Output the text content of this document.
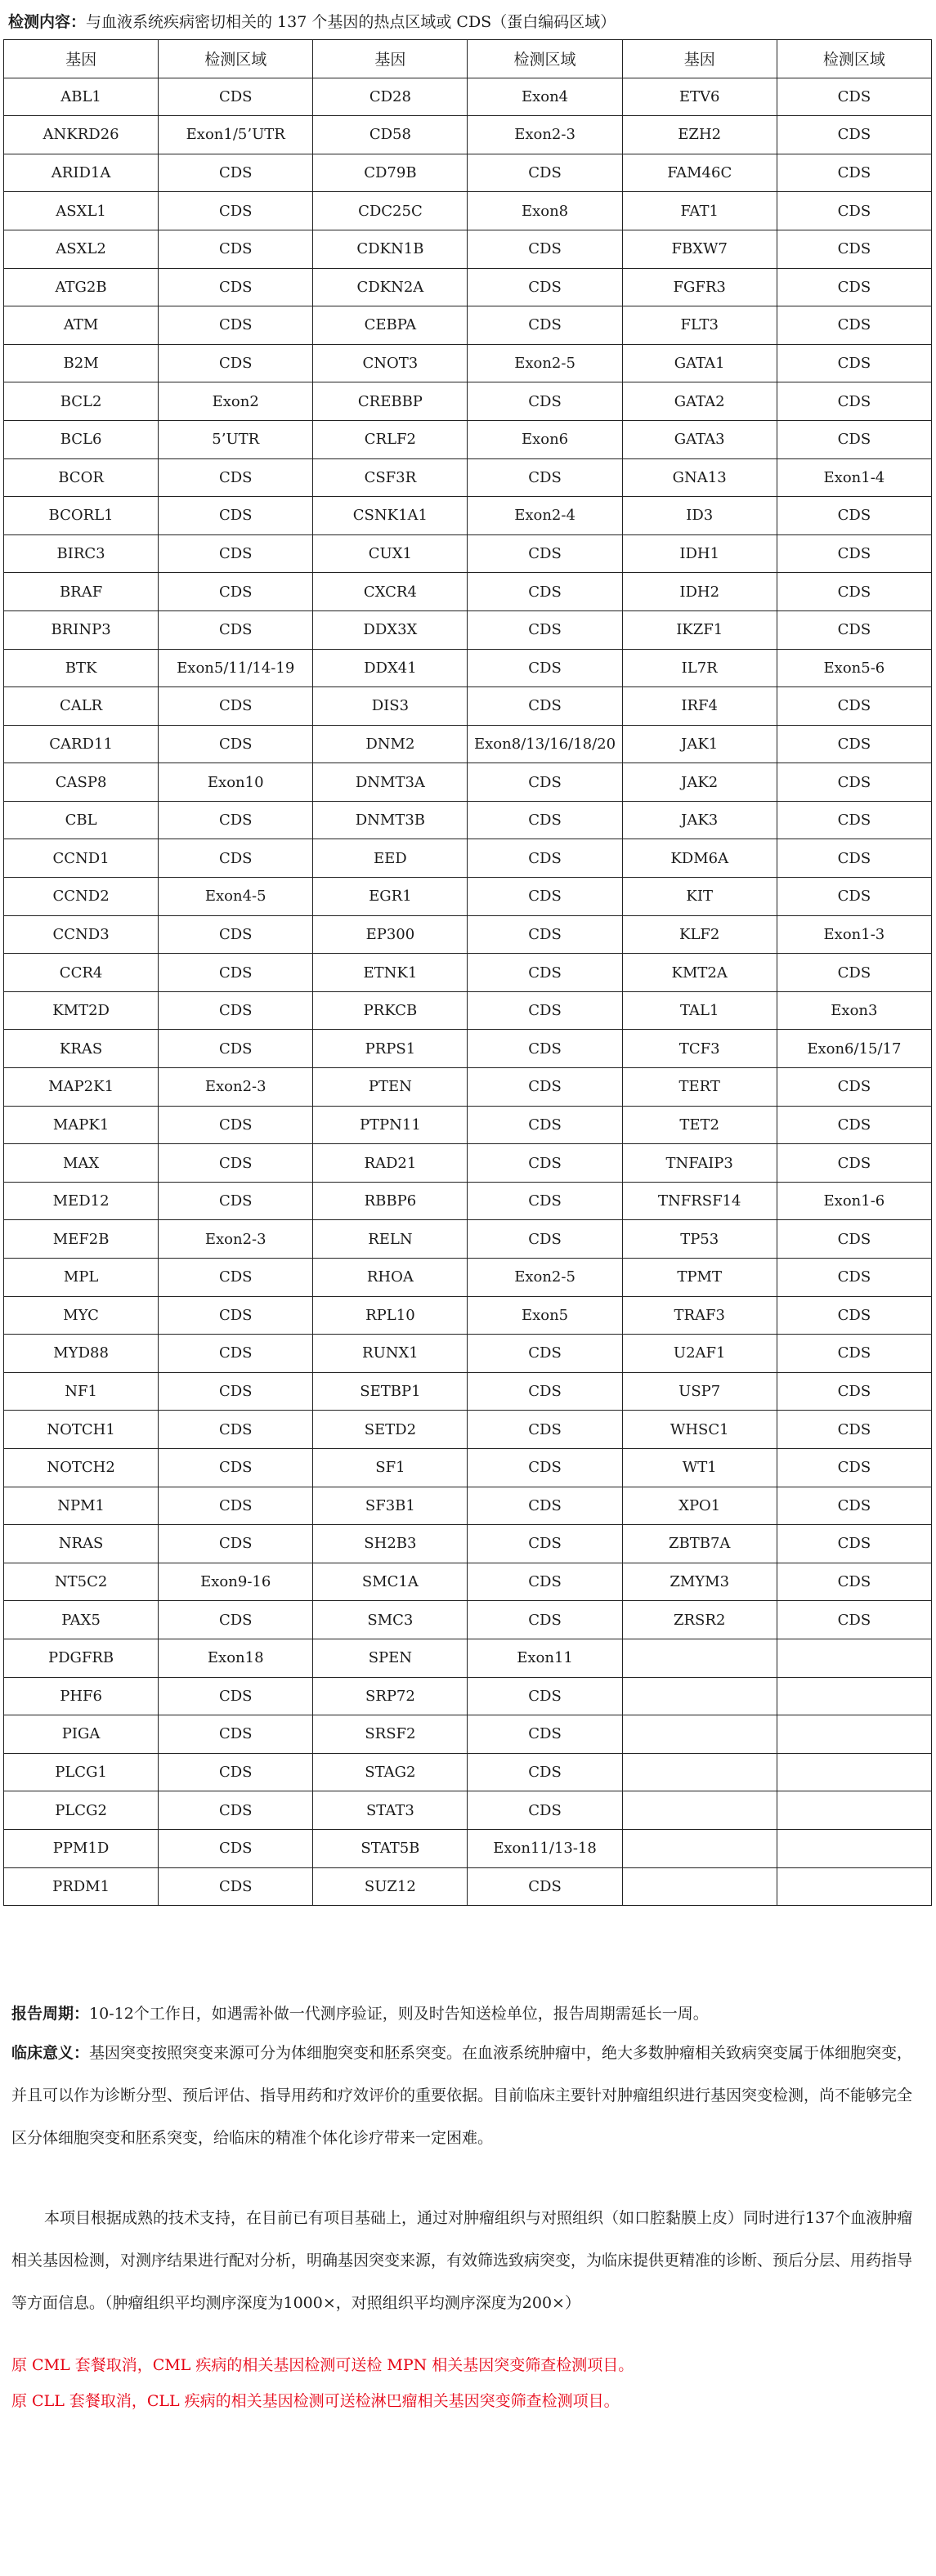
检测内容：与血液系统疾病密切相关的 137 个基因的热点区域或 CDS（蛋白编码区域）
基因	检测区域	基因	检测区域	基因	检测区域
ABL1	CDS	CD28	Exon4	ETV6	CDS
ANKRD26	Exon1/5’UTR	CD58	Exon2-3	EZH2	CDS
ARID1A	CDS	CD79B	CDS	FAM46C	CDS
ASXL1	CDS	CDC25C	Exon8	FAT1	CDS
ASXL2	CDS	CDKN1B	CDS	FBXW7	CDS
ATG2B	CDS	CDKN2A	CDS	FGFR3	CDS
ATM	CDS	CEBPA	CDS	FLT3	CDS
B2M	CDS	CNOT3	Exon2-5	GATA1	CDS
BCL2	Exon2	CREBBP	CDS	GATA2	CDS
BCL6	5’UTR	CRLF2	Exon6	GATA3	CDS
BCOR	CDS	CSF3R	CDS	GNA13	Exon1-4
BCORL1	CDS	CSNK1A1	Exon2-4	ID3	CDS
BIRC3	CDS	CUX1	CDS	IDH1	CDS
BRAF	CDS	CXCR4	CDS	IDH2	CDS
BRINP3	CDS	DDX3X	CDS	IKZF1	CDS
BTK	Exon5/11/14-19	DDX41	CDS	IL7R	Exon5-6
CALR	CDS	DIS3	CDS	IRF4	CDS
CARD11	CDS	DNM2	Exon8/13/16/18/20	JAK1	CDS
CASP8	Exon10	DNMT3A	CDS	JAK2	CDS
CBL	CDS	DNMT3B	CDS	JAK3	CDS
CCND1	CDS	EED	CDS	KDM6A	CDS
CCND2	Exon4-5	EGR1	CDS	KIT	CDS
CCND3	CDS	EP300	CDS	KLF2	Exon1-3
CCR4	CDS	ETNK1	CDS	KMT2A	CDS
KMT2D	CDS	PRKCB	CDS	TAL1	Exon3
KRAS	CDS	PRPS1	CDS	TCF3	Exon6/15/17
MAP2K1	Exon2-3	PTEN	CDS	TERT	CDS
MAPK1	CDS	PTPN11	CDS	TET2	CDS
MAX	CDS	RAD21	CDS	TNFAIP3	CDS
MED12	CDS	RBBP6	CDS	TNFRSF14	Exon1-6
MEF2B	Exon2-3	RELN	CDS	TP53	CDS
MPL	CDS	RHOA	Exon2-5	TPMT	CDS
MYC	CDS	RPL10	Exon5	TRAF3	CDS
MYD88	CDS	RUNX1	CDS	U2AF1	CDS
NF1	CDS	SETBP1	CDS	USP7	CDS
NOTCH1	CDS	SETD2	CDS	WHSC1	CDS
NOTCH2	CDS	SF1	CDS	WT1	CDS
NPM1	CDS	SF3B1	CDS	XPO1	CDS
NRAS	CDS	SH2B3	CDS	ZBTB7A	CDS
NT5C2	Exon9-16	SMC1A	CDS	ZMYM3	CDS
PAX5	CDS	SMC3	CDS	ZRSR2	CDS
PDGFRB	Exon18	SPEN	Exon11		
PHF6	CDS	SRP72	CDS		
PIGA	CDS	SRSF2	CDS		
PLCG1	CDS	STAG2	CDS		
PLCG2	CDS	STAT3	CDS		
PPM1D	CDS	STAT5B	Exon11/13-18		
PRDM1	CDS	SUZ12	CDS		
报告周期：10-12个工作日，如遇需补做一代测序验证，则及时告知送检单位，报告周期需延长一周。
临床意义：基因突变按照突变来源可分为体细胞突变和胚系突变。在血液系统肿瘤中，绝大多数肿瘤相关致病突变属于体细胞突变，并且可以作为诊断分型、预后评估、指导用药和疗效评价的重要依据。目前临床主要针对肿瘤组织进行基因突变检测，尚不能够完全区分体细胞突变和胚系突变，给临床的精准个体化诊疗带来一定困难。
本项目根据成熟的技术支持，在目前已有项目基础上，通过对肿瘤组织与对照组织（如口腔黏膜上皮）同时进行137个血液肿瘤相关基因检测，对测序结果进行配对分析，明确基因突变来源，有效筛选致病突变，为临床提供更精准的诊断、预后分层、用药指导等方面信息。（肿瘤组织平均测序深度为1000×，对照组织平均测序深度为200×）
原 CML 套餐取消，CML 疾病的相关基因检测可送检 MPN 相关基因突变筛查检测项目。
原 CLL 套餐取消，CLL 疾病的相关基因检测可送检淋巴瘤相关基因突变筛查检测项目。
